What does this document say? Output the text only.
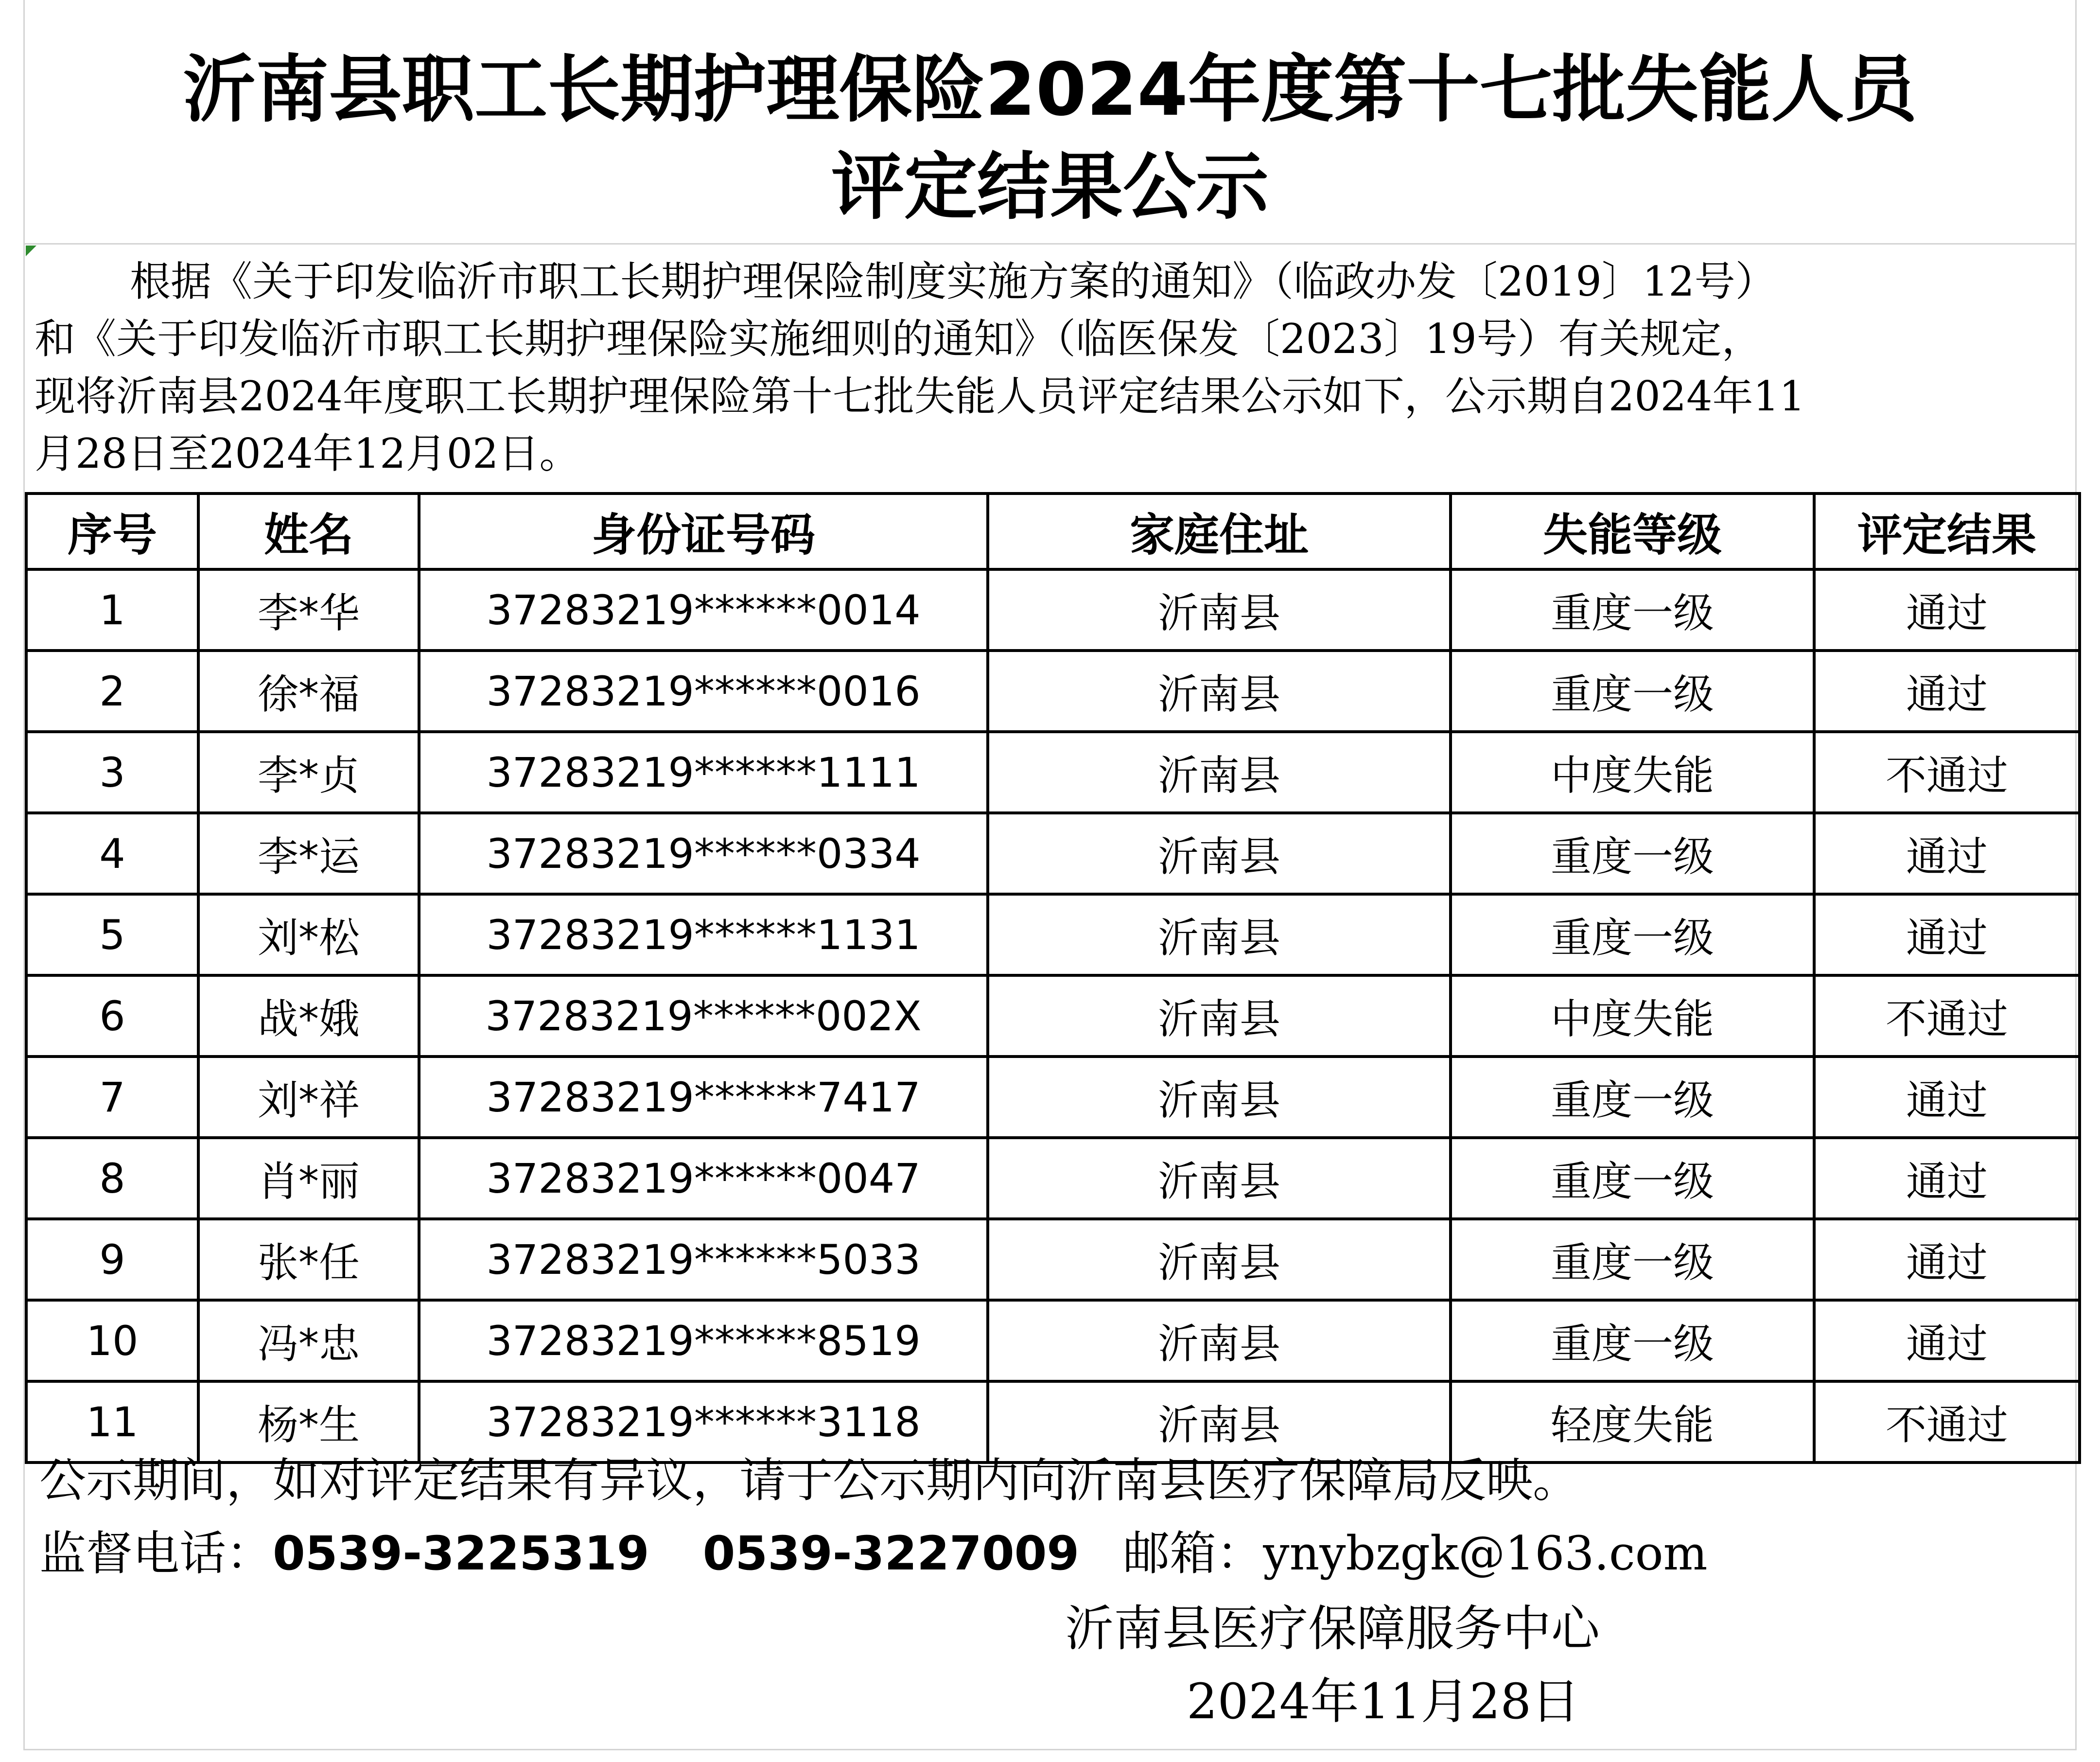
沂南县职工长期护理保险2024年度第十七批失能人员
评定结果公示

根据《关于印发临沂市职工长期护理保险制度实施方案的通知》（临政办发〔2019〕12号）

和《关于印发临沂市职工长期护理保险实施细则的通知》（临医保发〔2023〕19号）有关规定，

现将沂南县2024年度职工长期护理保险第十七批失能人员评定结果公示如下，公示期自2024年11

月28日至2024年12月02日。

序号	姓名	身份证号码	家庭住址	失能等级	评定结果
1	李*华	37283219******0014	沂南县	重度一级	通过
2	徐*福	37283219******0016	沂南县	重度一级	通过
3	李*贞	37283219******1111	沂南县	中度失能	不通过
4	李*运	37283219******0334	沂南县	重度一级	通过
5	刘*松	37283219******1131	沂南县	重度一级	通过
6	战*娥	37283219******002X	沂南县	中度失能	不通过
7	刘*祥	37283219******7417	沂南县	重度一级	通过
8	肖*丽	37283219******0047	沂南县	重度一级	通过
9	张*任	37283219******5033	沂南县	重度一级	通过
10	冯*忠	37283219******8519	沂南县	重度一级	通过
11	杨*生	37283219******3118	沂南县	轻度失能	不通过

公示期间，如对评定结果有异议，请于公示期内向沂南县医疗保障局反映。

监督电话：0539-3225319 0539-3227009 邮箱：ynybzgk@163.com

沂南县医疗保障服务中心

2024年11月28日
